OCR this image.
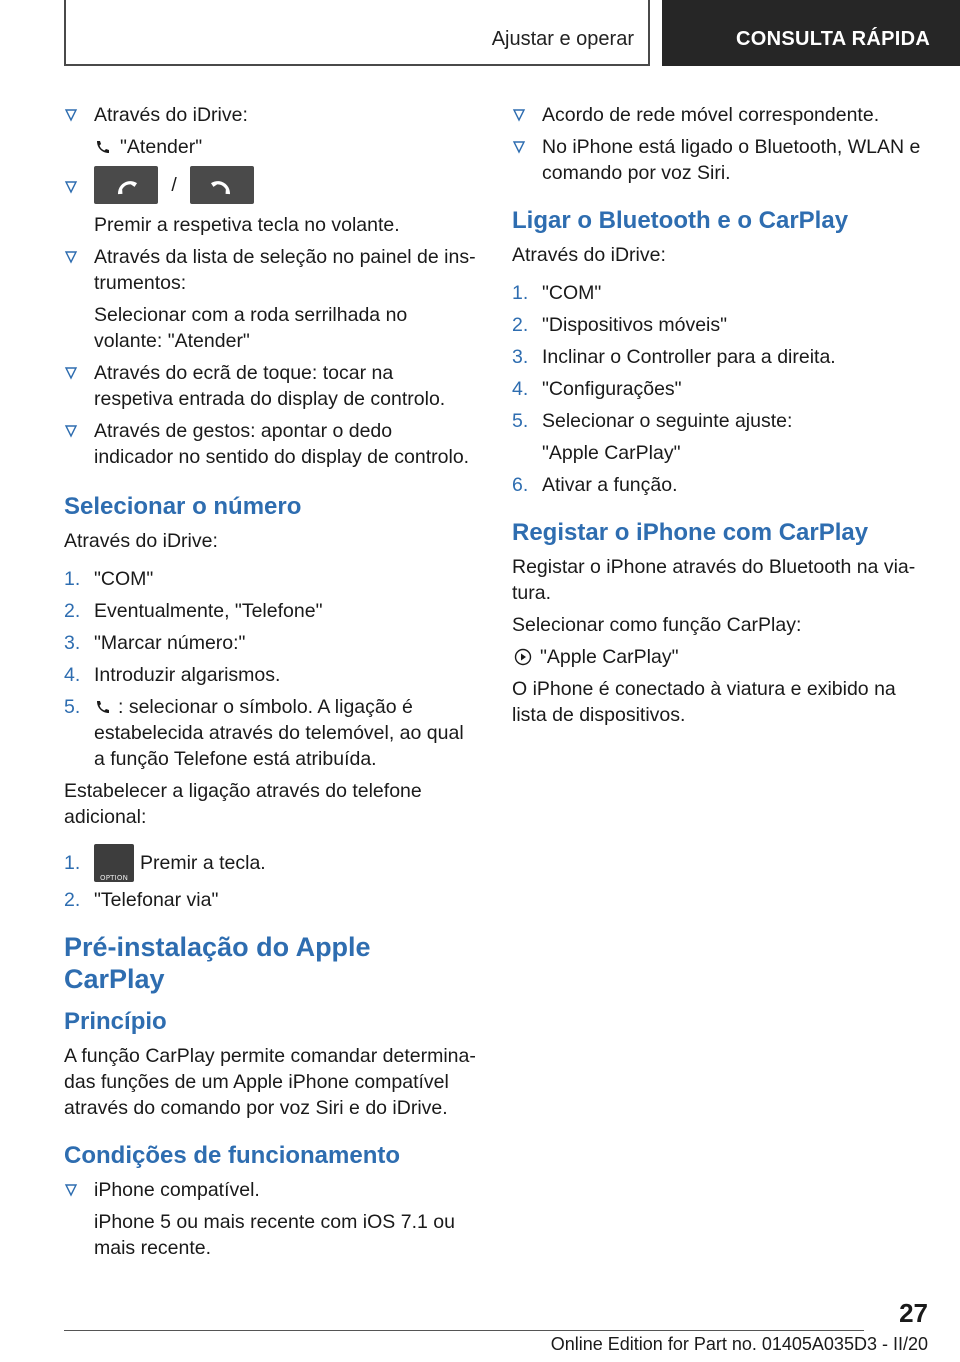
Ajustar e operar	CONSULTA RÁPIDA
Através do iDrive:
"Atender"
/
Premir a respetiva tecla no volante.
Através da lista de seleção no painel de instrumentos:
Selecionar com a roda serrilhada no volante: "Atender"
Através do ecrã de toque: tocar na respetiva entrada do display de controlo.
Através de gestos: apontar o dedo indicador no sentido do display de controlo.
Selecionar o número
Através do iDrive:
1. "COM"
2. Eventualmente, "Telefone"
3. "Marcar número:"
4. Introduzir algarismos.
5. : selecionar o símbolo. A ligação é estabelecida através do telemóvel, ao qual a função Telefone está atribuída.
Estabelecer a ligação através do telefone adicional:
1.
OPTION
Premir a tecla.
2. "Telefonar via"
Pré-instalação do Apple CarPlay
Princípio
A função CarPlay permite comandar determinadas funções de um Apple iPhone compatível através do comando por voz Siri e do iDrive.
Condições de funcionamento
iPhone compatível.
iPhone 5 ou mais recente com iOS 7.1 ou mais recente.
Acordo de rede móvel correspondente.
No iPhone está ligado o Bluetooth, WLAN e comando por voz Siri.
Ligar o Bluetooth e o CarPlay
Através do iDrive:
1. "COM"
2. "Dispositivos móveis"
3. Inclinar o Controller para a direita.
4. "Configurações"
5. Selecionar o seguinte ajuste:
"Apple CarPlay"
6. Ativar a função.
Registar o iPhone com CarPlay
Registar o iPhone através do Bluetooth na viatura.
Selecionar como função CarPlay:
"Apple CarPlay"
O iPhone é conectado à viatura e exibido na lista de dispositivos.
27
Online Edition for Part no. 01405A035D3 - II/20
